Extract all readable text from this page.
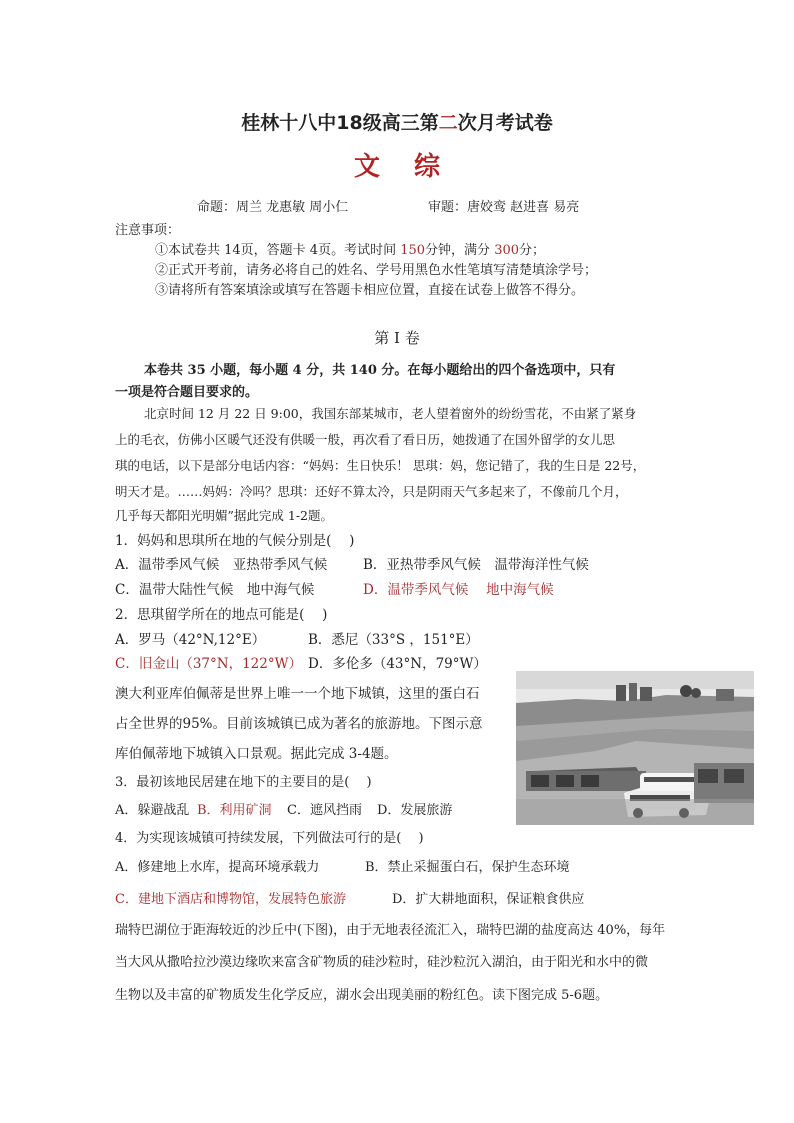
桂林十八中18级高三第二次月考试卷
文综
命题：周兰 龙惠敏 周小仁	审题：唐姣鸾 赵进喜 易亮
注意事项：
①本试卷共 14页，答题卡 4页。考试时间 150分钟，满分 300分；
②正式开考前，请务必将自己的姓名、学号用黑色水性笔填写清楚填涂学号；
③请将所有答案填涂或填写在答题卡相应位置，直接在试卷上做答不得分。
第 Ⅰ 卷
本卷共 35 小题，每小题 4 分，共 140 分。在每小题给出的四个备选项中，只有
一项是符合题目要求的。
北京时间 12 月 22 日 9:00，我国东部某城市，老人望着窗外的纷纷雪花，不由紧了紧身
上的毛衣，仿佛小区暖气还没有供暖一般，再次看了看日历，她拨通了在国外留学的女儿思
琪的电话，以下是部分电话内容：“妈妈：生日快乐！ 思琪：妈，您记错了，我的生日是 22号，
明天才是。……妈妈：冷吗？思琪：还好不算太冷，只是阴雨天气多起来了，不像前几个月，
几乎每天都阳光明媚”据此完成 1-2题。
1．妈妈和思琪所在地的气候分别是(　 )
A．温带季风气候　亚热带季风气候	B．亚热带季风气候　温带海洋性气候
C．温带大陆性气候　地中海气候	D．温带季风气候　 地中海气候
2．思琪留学所在的地点可能是(　 )
A．罗马（42°N,12°E）	B．悉尼（33°S ，151°E）
C．旧金山（37°N，122°W） D．多伦多（43°N，79°W）
澳大利亚库伯佩蒂是世界上唯一一个地下城镇，这里的蛋白石
占全世界的95%。目前该城镇已成为著名的旅游地。下图示意
库伯佩蒂地下城镇入口景观。据此完成 3-4题。
3．最初该地民居建在地下的主要目的是(　 )
A．躲避战乱 B．利用矿洞 C．遮风挡雨 D．发展旅游
4．为实现该城镇可持续发展，下列做法可行的是(　 )
A．修建地上水库，提高环境承载力	B．禁止采掘蛋白石，保护生态环境
C．建地下酒店和博物馆，发展特色旅游	D．扩大耕地面积，保证粮食供应
瑞特巴湖位于距海较近的沙丘中(下图)，由于无地表径流汇入，瑞特巴湖的盐度高达 40%，每年
当大风从撒哈拉沙漠边缘吹来富含矿物质的硅沙粒时，硅沙粒沉入湖泊，由于阳光和水中的微
生物以及丰富的矿物质发生化学反应，湖水会出现美丽的粉红色。读下图完成 5-6题。
